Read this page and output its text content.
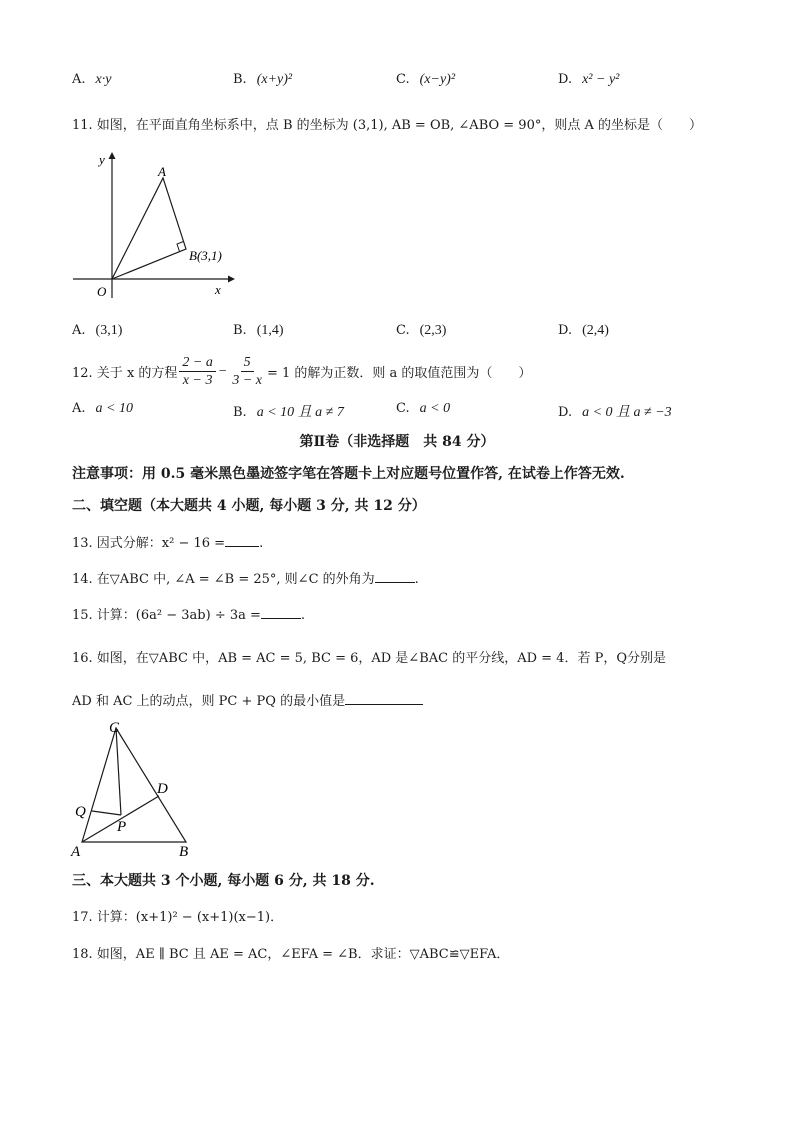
A. x·y	B. (x+y)²	C. (x−y)²	D. x² − y²
11. 如图，在平面直角坐标系中，点 B 的坐标为 (3,1), AB = OB, ∠ABO = 90°，则点 A 的坐标是（　　）
y
x
O
A
B(3,1)
A. (3,1)	B. (1,4)	C. (2,3)	D. (2,4)
12. 关于 x 的方程 $\frac{2 - a}{x - 3} - \frac{5}{3 - x} = 1$ 的解为正数．则 a 的取值范围为（　　）
A. a < 10	B. a < 10 且 a ≠ 7	C. a < 0	D. a < 0 且 a ≠ −3
第Ⅱ卷（非选择题　共 84 分）
注意事项：用 0.5 毫米黑色墨迹签字笔在答题卡上对应题号位置作答, 在试卷上作答无效.
二、填空题（本大题共 4 小题, 每小题 3 分, 共 12 分）
13. 因式分解：x² − 16 =	.
14. 在▽ABC 中, ∠A = ∠B = 25°, 则∠C 的外角为	.
15. 计算：(6a² − 3ab) ÷ 3a =	.
16. 如图，在▽ABC 中，AB = AC = 5, BC = 6，AD 是∠BAC 的平分线，AD = 4．若 P，Q分别是
AD 和 AC 上的动点，则 PC + PQ 的最小值是
C
D
Q
P
A	B
三、本大题共 3 个小题, 每小题 6 分, 共 18 分.
17. 计算：(x+1)² − (x+1)(x−1)．
18. 如图，AE ∥ BC 且 AE = AC，∠EFA = ∠B．求证：▽ABC≌▽EFA．
